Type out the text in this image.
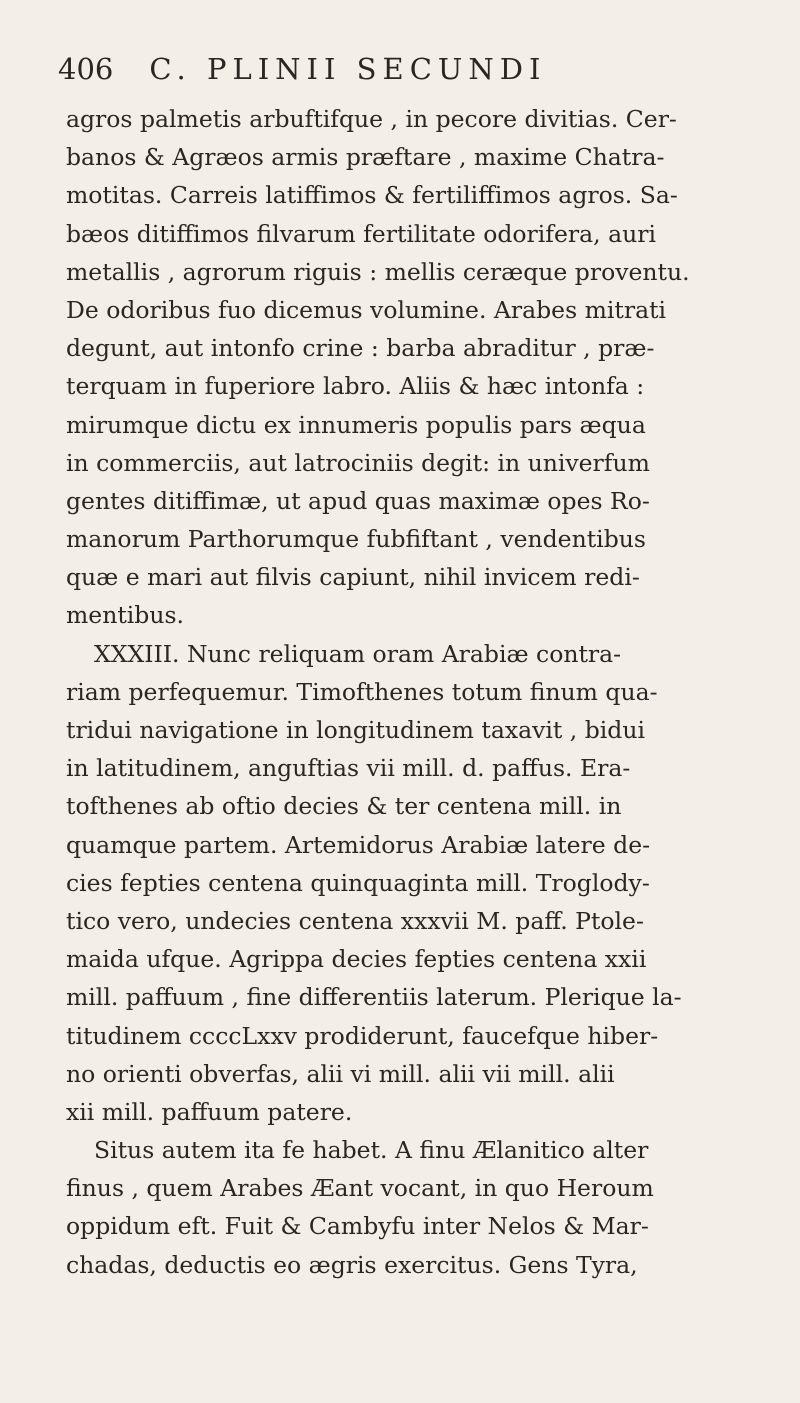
406 C. PLINII SECUNDI
agros palmetis arbuftifque , in pecore divitias. Cer-
banos & Agræos armis præftare , maxime Chatra-
motitas. Carreis latiffimos & fertiliffimos agros. Sa-
bæos ditiffimos filvarum fertilitate odorifera, auri
metallis , agrorum riguis : mellis ceræque proventu.
De odoribus fuo dicemus volumine. Arabes mitrati
degunt, aut intonfo crine : barba abraditur , præ-
terquam in fuperiore labro. Aliis & hæc intonfa :
mirumque dictu ex innumeris populis pars æqua
in commerciis, aut latrociniis degit: in univerfum
gentes ditiffimæ, ut apud quas maximæ opes Ro-
manorum Parthorumque fubfiftant , vendentibus
quæ e mari aut filvis capiunt, nihil invicem redi-
mentibus.
XXXIII. Nunc reliquam oram Arabiæ contra-
riam perfequemur. Timofthenes totum finum qua-
tridui navigatione in longitudinem taxavit , bidui
in latitudinem, anguftias vii mill. d. paffus. Era-
tofthenes ab oftio decies & ter centena mill. in
quamque partem. Artemidorus Arabiæ latere de-
cies fepties centena quinquaginta mill. Troglody-
tico vero, undecies centena xxxvii M. paff. Ptole-
maida ufque. Agrippa decies fepties centena xxii
mill. paffuum , fine differentiis laterum. Plerique la-
titudinem ccccLxxv prodiderunt, faucefque hiber-
no orienti obverfas, alii vi mill. alii vii mill. alii
xii mill. paffuum patere.
Situs autem ita fe habet. A finu Ælanitico alter
finus , quem Arabes Æant vocant, in quo Heroum
oppidum eft. Fuit & Cambyfu inter Nelos & Mar-
chadas, deductis eo ægris exercitus. Gens Tyra,
